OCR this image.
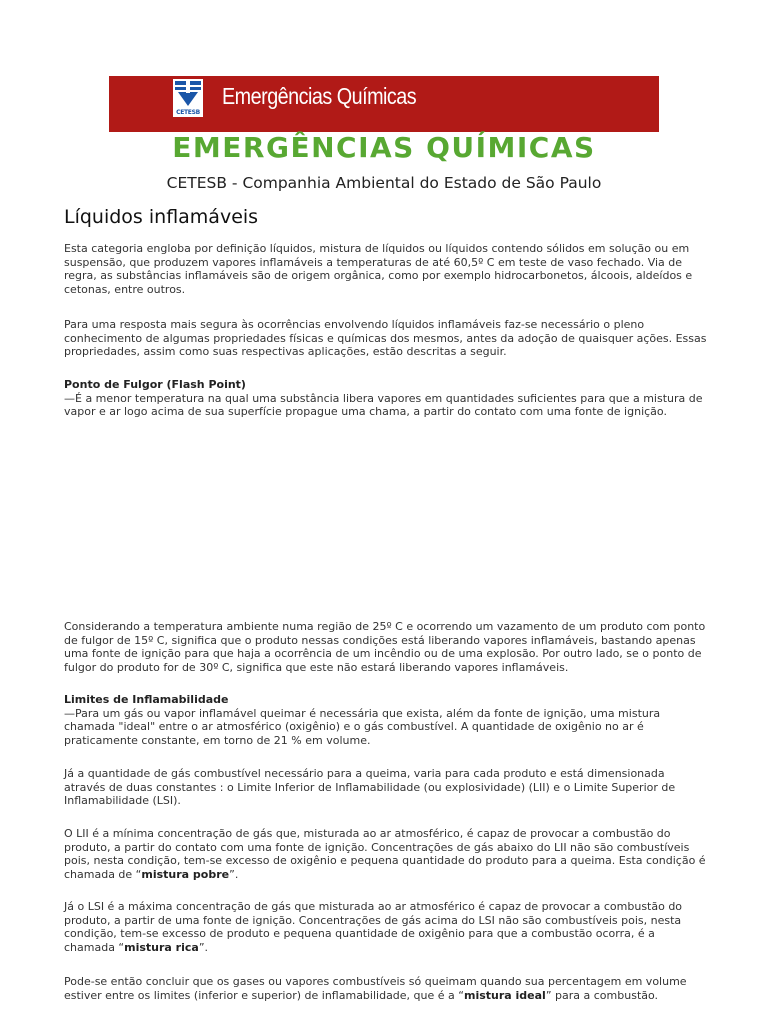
CETESB
Emergências Químicas
EMERGÊNCIAS QUÍMICAS
CETESB - Companhia Ambiental do Estado de São Paulo
Líquidos inflamáveis
Esta categoria engloba por definição líquidos, mistura de líquidos ou líquidos contendo sólidos em solução ou em suspensão, que produzem vapores inflamáveis a temperaturas de até 60,5º C em teste de vaso fechado. Via de regra, as substâncias inflamáveis são de origem orgânica, como por exemplo hidrocarbonetos, álcoois, aldeídos e cetonas, entre outros.
Para uma resposta mais segura às ocorrências envolvendo líquidos inflamáveis faz-se necessário o pleno conhecimento de algumas propriedades físicas e químicas dos mesmos, antes da adoção de quaisquer ações. Essas propriedades, assim como suas respectivas aplicações, estão descritas a seguir.
Ponto de Fulgor (Flash Point)
—É a menor temperatura na qual uma substância libera vapores em quantidades suficientes para que a mistura de vapor e ar logo acima de sua superfície propague uma chama, a partir do contato com uma fonte de ignição.
Considerando a temperatura ambiente numa região de 25º C e ocorrendo um vazamento de um produto com ponto de fulgor de 15º C, significa que o produto nessas condições está liberando vapores inflamáveis, bastando apenas uma fonte de ignição para que haja a ocorrência de um incêndio ou de uma explosão. Por outro lado, se o ponto de fulgor do produto for de 30º C, significa que este não estará liberando vapores inflamáveis.
Limites de Inflamabilidade
—Para um gás ou vapor inflamável queimar é necessária que exista, além da fonte de ignição, uma mistura chamada "ideal" entre o ar atmosférico (oxigênio) e o gás combustível. A quantidade de oxigênio no ar é praticamente constante, em torno de 21 % em volume.
Já a quantidade de gás combustível necessário para a queima, varia para cada produto e está dimensionada através de duas constantes : o Limite Inferior de Inflamabilidade (ou explosividade) (LII) e o Limite Superior de Inflamabilidade (LSI).
O LII é a mínima concentração de gás que, misturada ao ar atmosférico, é capaz de provocar a combustão do produto, a partir do contato com uma fonte de ignição. Concentrações de gás abaixo do LII não são combustíveis pois, nesta condição, tem-se excesso de oxigênio e pequena quantidade do produto para a queima. Esta condição é chamada de “mistura pobre”.
Já o LSI é a máxima concentração de gás que misturada ao ar atmosférico é capaz de provocar a combustão do produto, a partir de uma fonte de ignição. Concentrações de gás acima do LSI não são combustíveis pois, nesta condição, tem-se excesso de produto e pequena quantidade de oxigênio para que a combustão ocorra, é a chamada “mistura rica”.
Pode-se então concluir que os gases ou vapores combustíveis só queimam quando sua percentagem em volume estiver entre os limites (inferior e superior) de inflamabilidade, que é a “mistura ideal” para a combustão.
